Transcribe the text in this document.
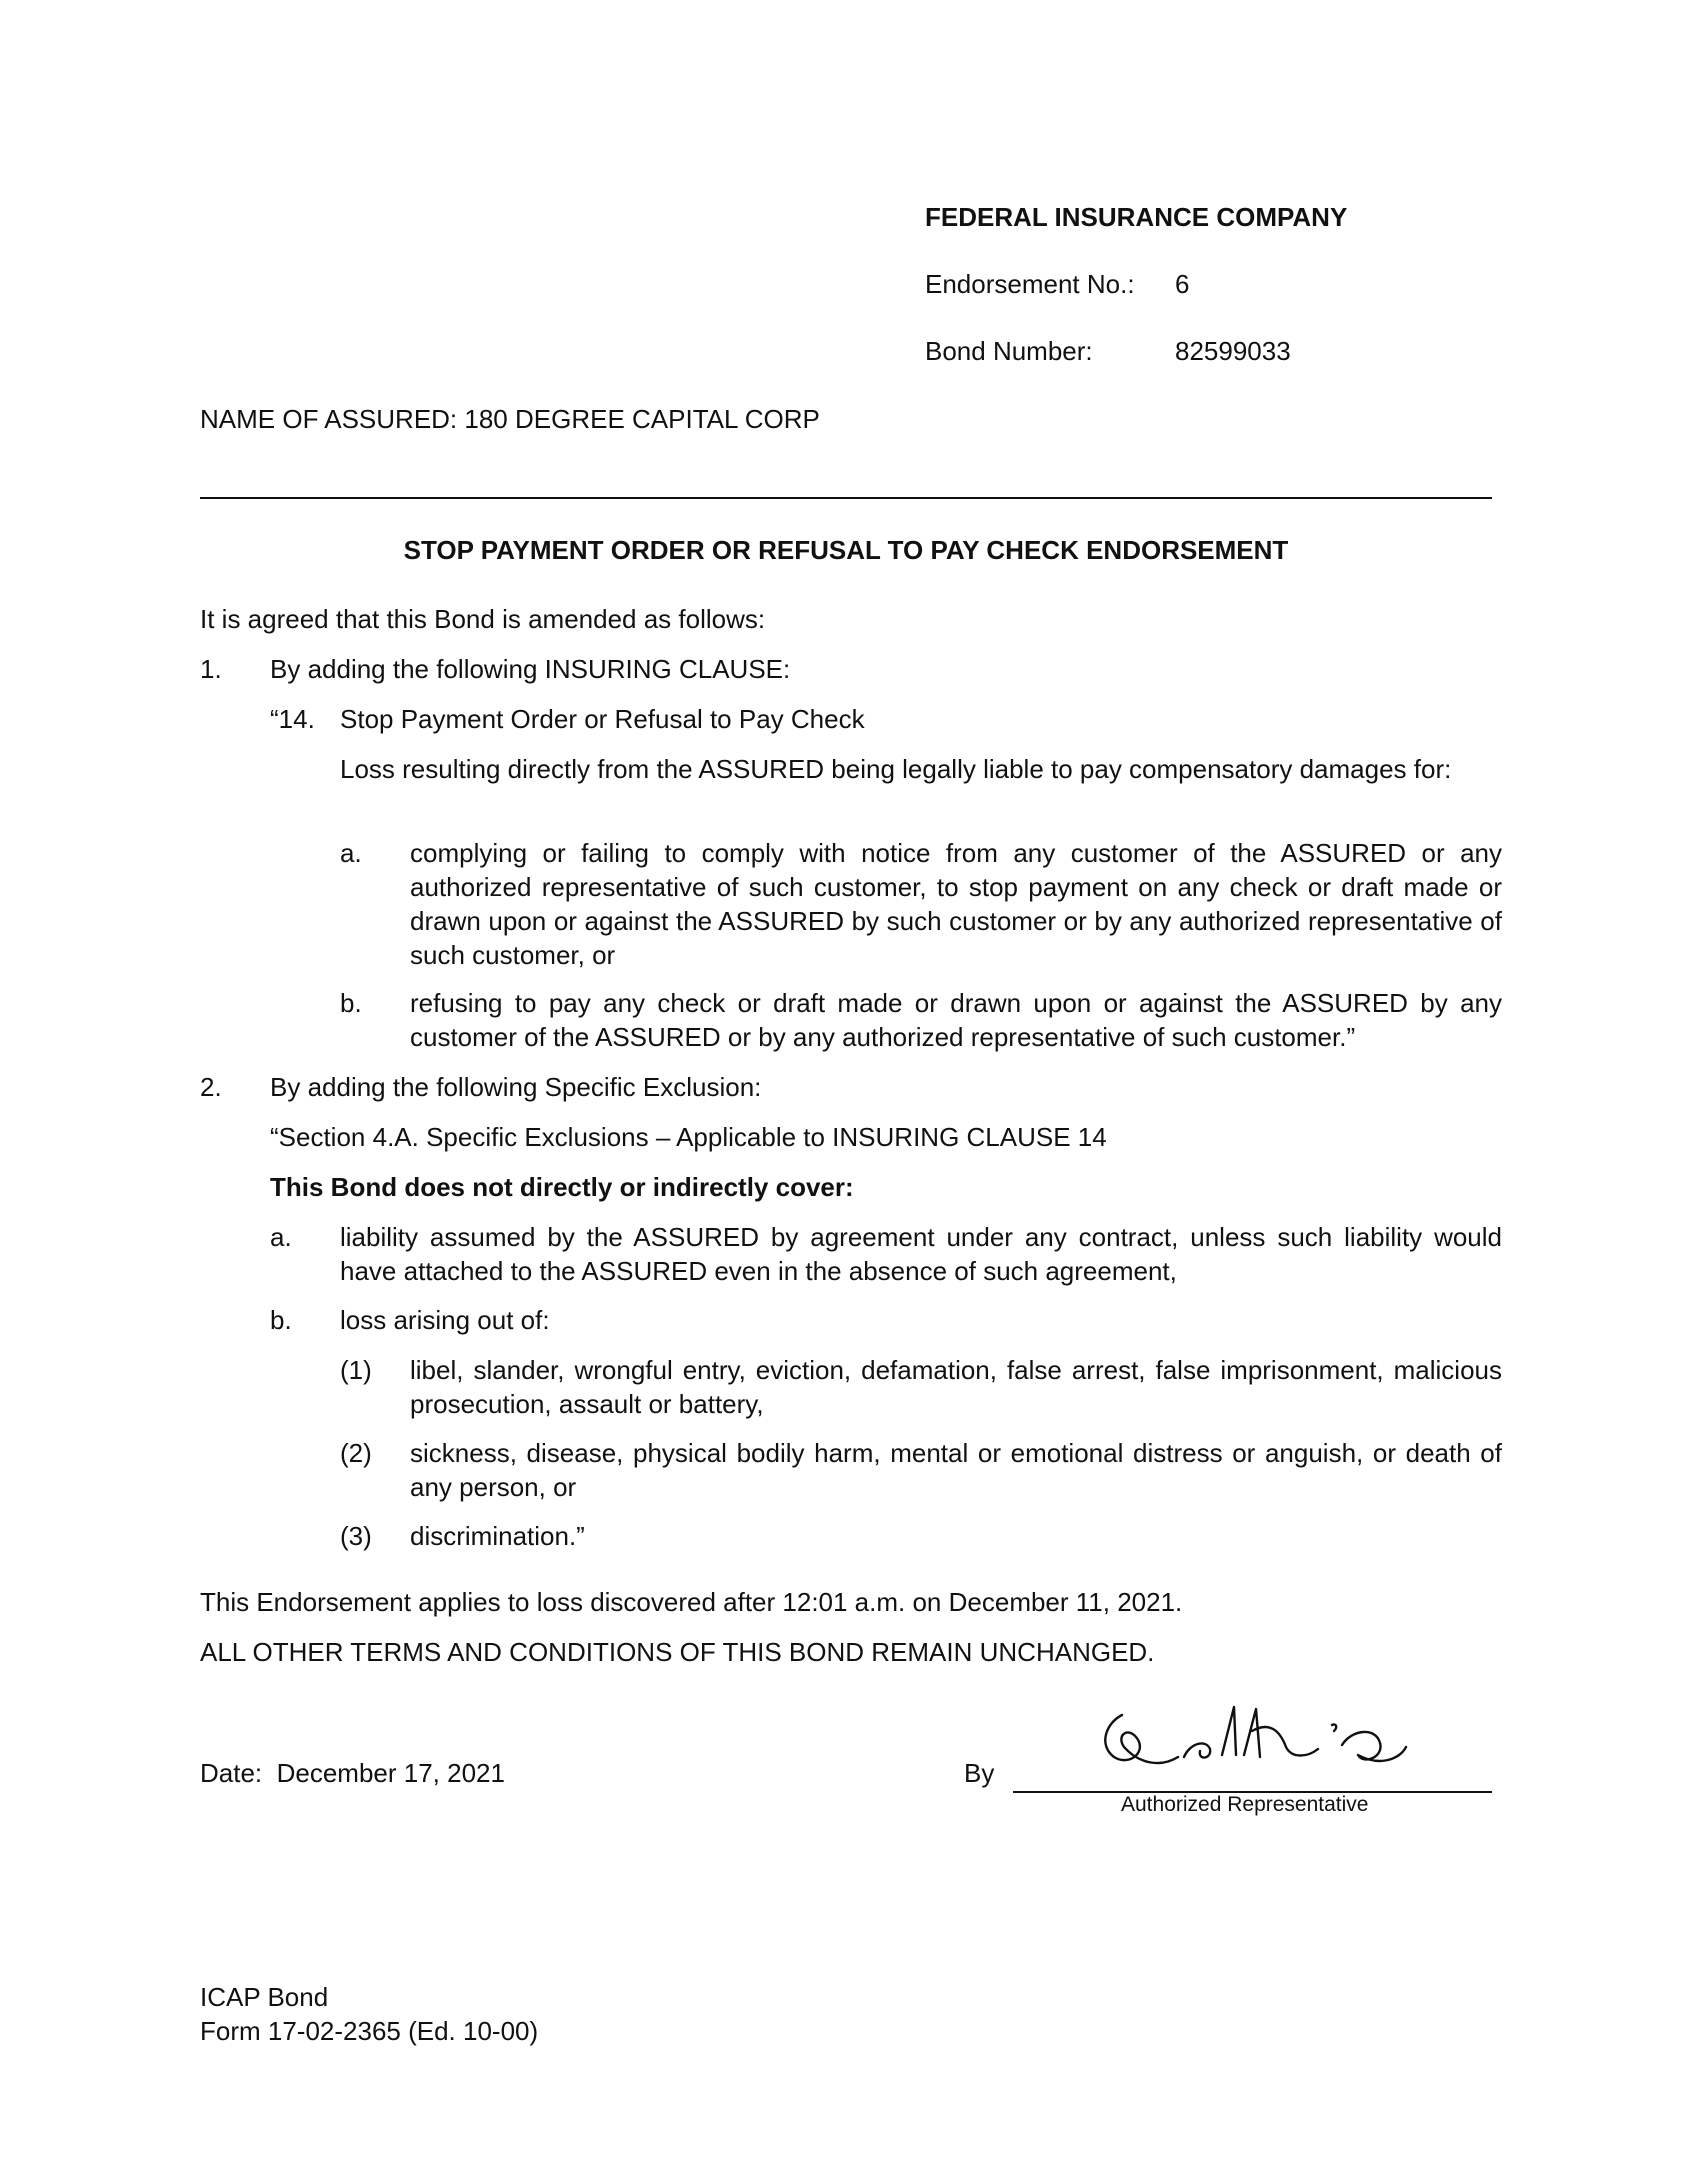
FEDERAL INSURANCE COMPANY
Endorsement No.: 6
Bond Number:	82599033
NAME OF ASSURED: 180 DEGREE CAPITAL CORP
STOP PAYMENT ORDER OR REFUSAL TO PAY CHECK ENDORSEMENT
It is agreed that this Bond is amended as follows:
1. By adding the following INSURING CLAUSE:
“14. Stop Payment Order or Refusal to Pay Check
Loss resulting directly from the ASSURED being legally liable to pay compensatory damages for:
a. complying or failing to comply with notice from any customer of the ASSURED or any authorized representative of such customer, to stop payment on any check or draft made or drawn upon or against the ASSURED by such customer or by any authorized representative of such customer, or
b. refusing to pay any check or draft made or drawn upon or against the ASSURED by any customer of the ASSURED or by any authorized representative of such customer.”
2. By adding the following Specific Exclusion:
“Section 4.A. Specific Exclusions – Applicable to INSURING CLAUSE 14
This Bond does not directly or indirectly cover:
a. liability assumed by the ASSURED by agreement under any contract, unless such liability would have attached to the ASSURED even in the absence of such agreement,
b. loss arising out of:
(1) libel, slander, wrongful entry, eviction, defamation, false arrest, false imprisonment, malicious prosecution, assault or battery,
(2) sickness, disease, physical bodily harm, mental or emotional distress or anguish, or death of any person, or
(3) discrimination.”
This Endorsement applies to loss discovered after 12:01 a.m. on December 11, 2021.
ALL OTHER TERMS AND CONDITIONS OF THIS BOND REMAIN UNCHANGED.
Date: December 17, 2021	By
Authorized Representative
ICAP Bond
Form 17-02-2365 (Ed. 10-00)
